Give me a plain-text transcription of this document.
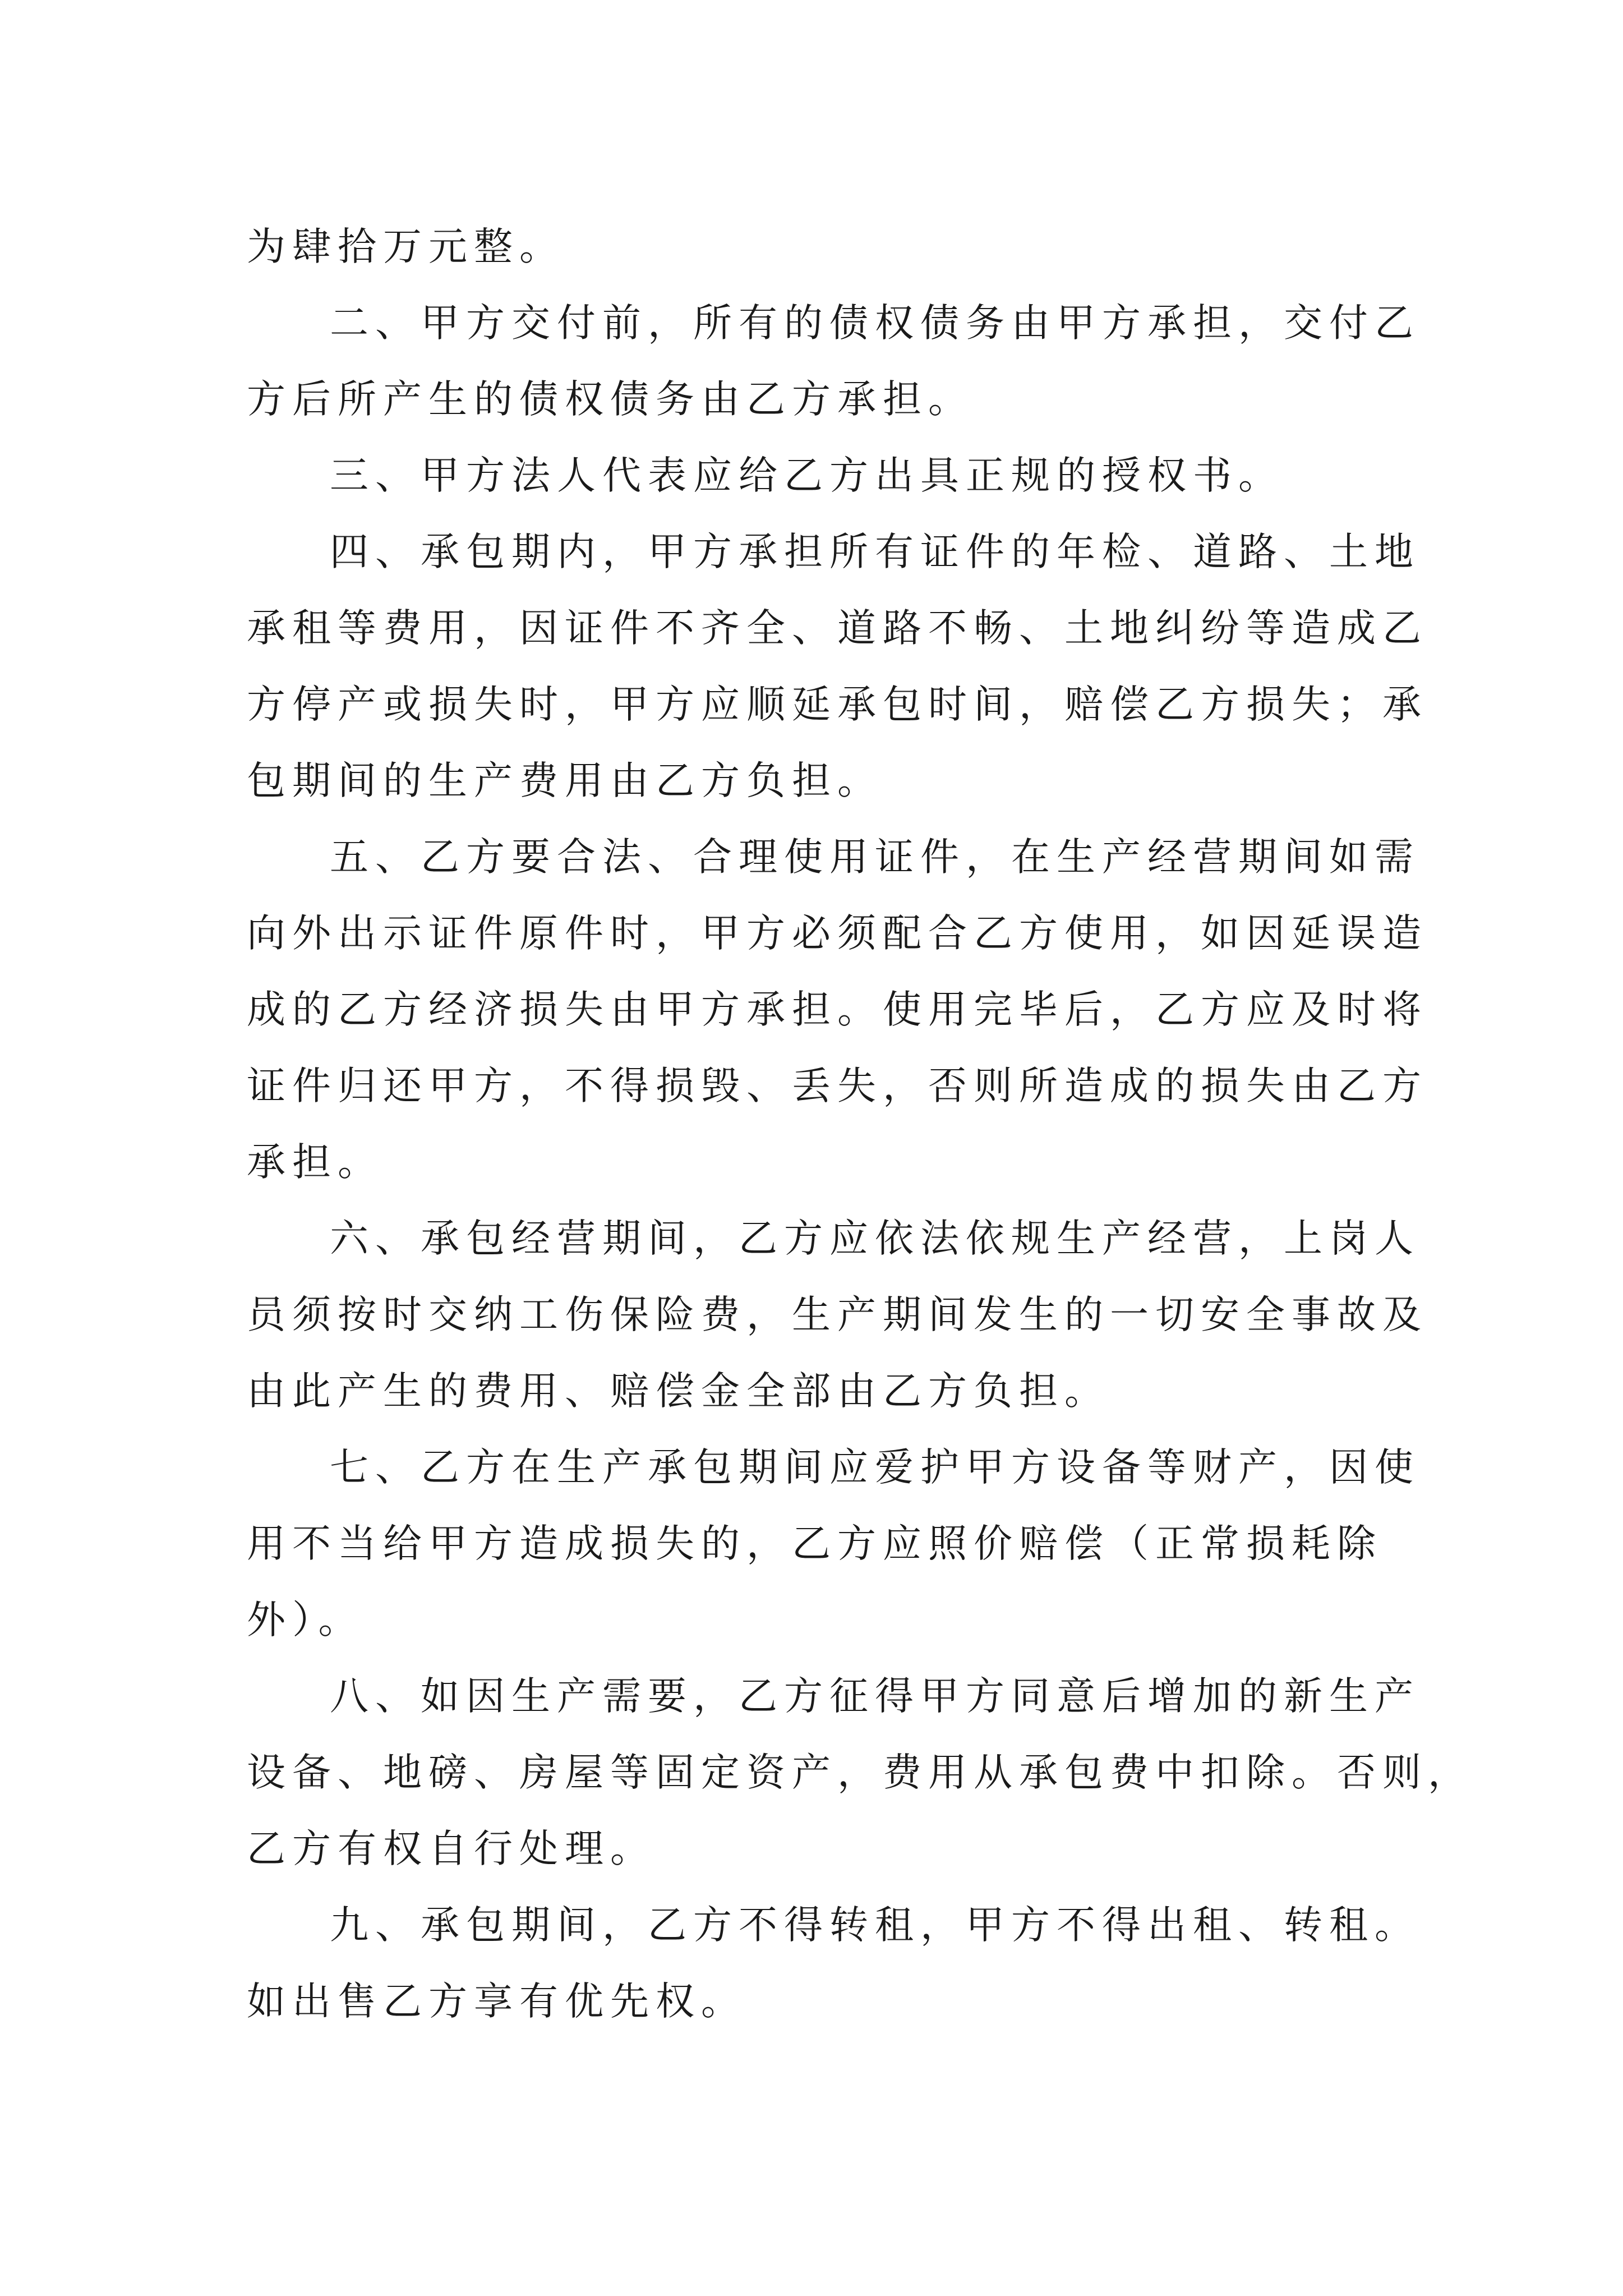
为肆拾万元整。
二、甲方交付前，所有的债权债务由甲方承担，交付乙
方后所产生的债权债务由乙方承担。
三、甲方法人代表应给乙方出具正规的授权书。
四、承包期内，甲方承担所有证件的年检、道路、土地
承租等费用，因证件不齐全、道路不畅、土地纠纷等造成乙
方停产或损失时，甲方应顺延承包时间，赔偿乙方损失；承
包期间的生产费用由乙方负担。
五、乙方要合法、合理使用证件，在生产经营期间如需
向外出示证件原件时，甲方必须配合乙方使用，如因延误造
成的乙方经济损失由甲方承担。使用完毕后，乙方应及时将
证件归还甲方，不得损毁、丢失，否则所造成的损失由乙方
承担。
六、承包经营期间，乙方应依法依规生产经营，上岗人
员须按时交纳工伤保险费，生产期间发生的一切安全事故及
由此产生的费用、赔偿金全部由乙方负担。
七、乙方在生产承包期间应爱护甲方设备等财产，因使
用不当给甲方造成损失的，乙方应照价赔偿（正常损耗除
外）。
八、如因生产需要，乙方征得甲方同意后增加的新生产
设备、地磅、房屋等固定资产，费用从承包费中扣除。否则，
乙方有权自行处理。
九、承包期间，乙方不得转租，甲方不得出租、转租。
如出售乙方享有优先权。
